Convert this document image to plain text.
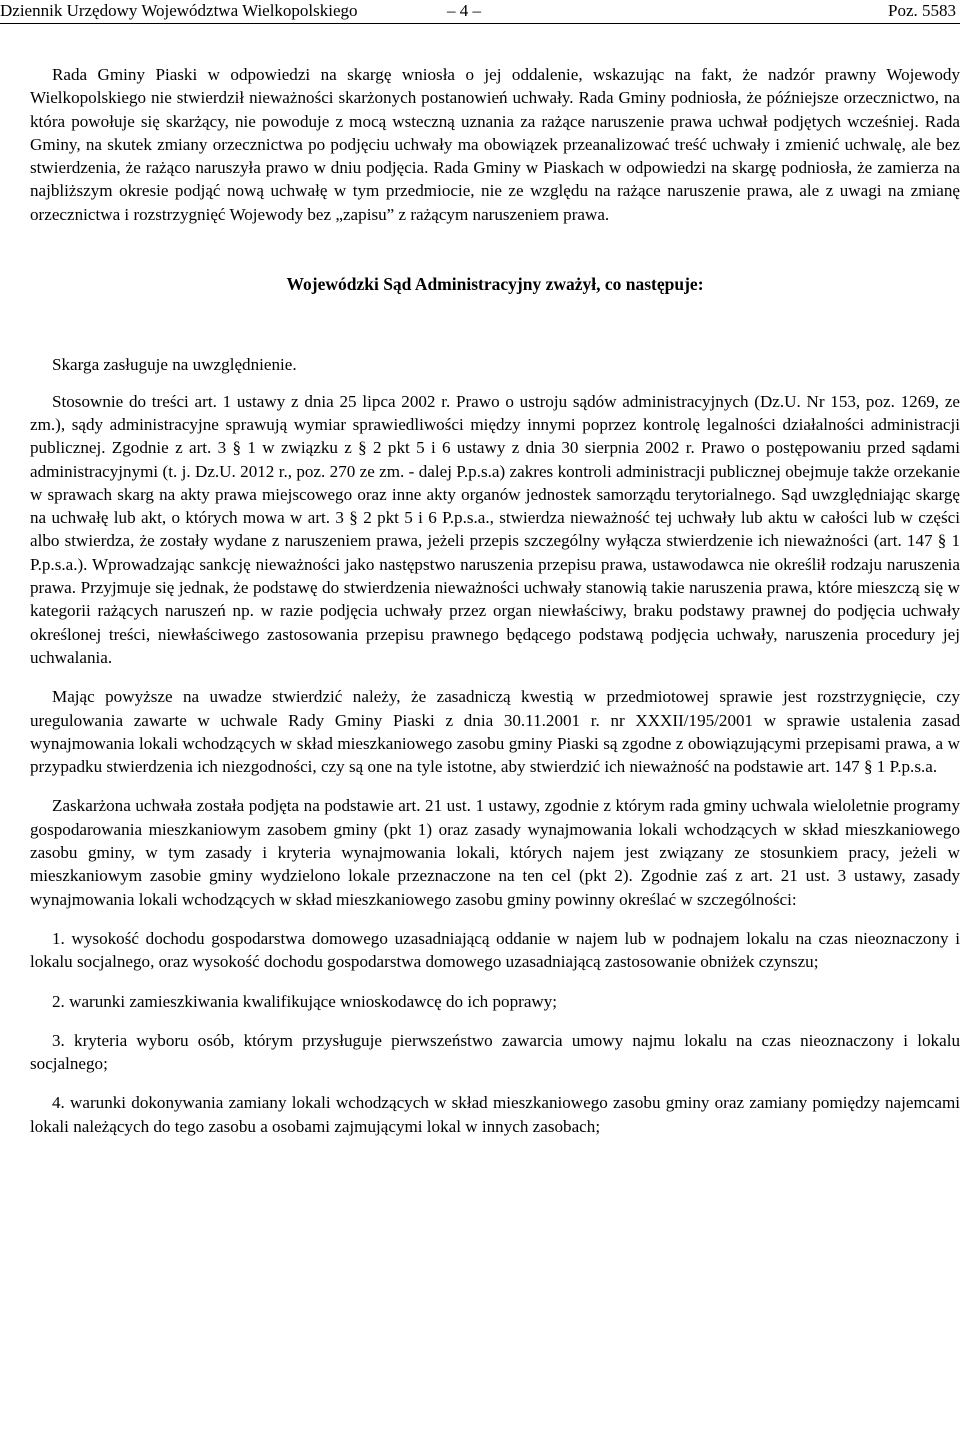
Dziennik Urzędowy Województwa Wielkopolskiego	– 4 –	Poz. 5583

Rada Gminy Piaski w odpowiedzi na skargę wniosła o jej oddalenie, wskazując na fakt, że nadzór prawny Wojewody Wielkopolskiego nie stwierdził nieważności skarżonych postanowień uchwały. Rada Gminy podniosła, że późniejsze orzecznictwo, na która powołuje się skarżący, nie powoduje z mocą wsteczną uznania za rażące naruszenie prawa uchwał podjętych wcześniej. Rada Gminy, na skutek zmiany orzecznictwa po podjęciu uchwały ma obowiązek przeanalizować treść uchwały i zmienić uchwalę, ale bez stwierdzenia, że rażąco naruszyła prawo w dniu podjęcia. Rada Gminy w Piaskach w odpowiedzi na skargę podniosła, że zamierza na najbliższym okresie podjąć nową uchwałę w tym przedmiocie, nie ze względu na rażące naruszenie prawa, ale z uwagi na zmianę orzecznictwa i rozstrzygnięć Wojewody bez „zapisu” z rażącym naruszeniem prawa.

Wojewódzki Sąd Administracyjny zważył, co następuje:

Skarga zasługuje na uwzględnienie.

Stosownie do treści art. 1 ustawy z dnia 25 lipca 2002 r. Prawo o ustroju sądów administracyjnych (Dz.U. Nr 153, poz. 1269, ze zm.), sądy administracyjne sprawują wymiar sprawiedliwości między innymi poprzez kontrolę legalności działalności administracji publicznej. Zgodnie z art. 3 § 1 w związku z § 2 pkt 5 i 6 ustawy z dnia 30 sierpnia 2002 r. Prawo o postępowaniu przed sądami administracyjnymi (t. j. Dz.U. 2012 r., poz. 270 ze zm. - dalej P.p.s.a) zakres kontroli administracji publicznej obejmuje także orzekanie w sprawach skarg na akty prawa miejscowego oraz inne akty organów jednostek samorządu terytorialnego. Sąd uwzględniając skargę na uchwałę lub akt, o których mowa w art. 3 § 2 pkt 5 i 6 P.p.s.a., stwierdza nieważność tej uchwały lub aktu w całości lub w części albo stwierdza, że zostały wydane z naruszeniem prawa, jeżeli przepis szczególny wyłącza stwierdzenie ich nieważności (art. 147 § 1 P.p.s.a.). Wprowadzając sankcję nieważności jako następstwo naruszenia przepisu prawa, ustawodawca nie określił rodzaju naruszenia prawa. Przyjmuje się jednak, że podstawę do stwierdzenia nieważności uchwały stanowią takie naruszenia prawa, które mieszczą się w kategorii rażących naruszeń np. w razie podjęcia uchwały przez organ niewłaściwy, braku podstawy prawnej do podjęcia uchwały określonej treści, niewłaściwego zastosowania przepisu prawnego będącego podstawą podjęcia uchwały, naruszenia procedury jej uchwalania.

Mając powyższe na uwadze stwierdzić należy, że zasadniczą kwestią w przedmiotowej sprawie jest rozstrzygnięcie, czy uregulowania zawarte w uchwale Rady Gminy Piaski z dnia 30.11.2001 r. nr XXXII/195/2001 w sprawie ustalenia zasad wynajmowania lokali wchodzących w skład mieszkaniowego zasobu gminy Piaski są zgodne z obowiązującymi przepisami prawa, a w przypadku stwierdzenia ich niezgodności, czy są one na tyle istotne, aby stwierdzić ich nieważność na podstawie art. 147 § 1 P.p.s.a.

Zaskarżona uchwała została podjęta na podstawie art. 21 ust. 1 ustawy, zgodnie z którym rada gminy uchwala wieloletnie programy gospodarowania mieszkaniowym zasobem gminy (pkt 1) oraz zasady wynajmowania lokali wchodzących w skład mieszkaniowego zasobu gminy, w tym zasady i kryteria wynajmowania lokali, których najem jest związany ze stosunkiem pracy, jeżeli w mieszkaniowym zasobie gminy wydzielono lokale przeznaczone na ten cel (pkt 2). Zgodnie zaś z art. 21 ust. 3 ustawy, zasady wynajmowania lokali wchodzących w skład mieszkaniowego zasobu gminy powinny określać w szczególności:

1. wysokość dochodu gospodarstwa domowego uzasadniającą oddanie w najem lub w podnajem lokalu na czas nieoznaczony i lokalu socjalnego, oraz wysokość dochodu gospodarstwa domowego uzasadniającą zastosowanie obniżek czynszu;

2. warunki zamieszkiwania kwalifikujące wnioskodawcę do ich poprawy;

3. kryteria wyboru osób, którym przysługuje pierwszeństwo zawarcia umowy najmu lokalu na czas nieoznaczony i lokalu socjalnego;

4. warunki dokonywania zamiany lokali wchodzących w skład mieszkaniowego zasobu gminy oraz zamiany pomiędzy najemcami lokali należących do tego zasobu a osobami zajmującymi lokal w innych zasobach;
